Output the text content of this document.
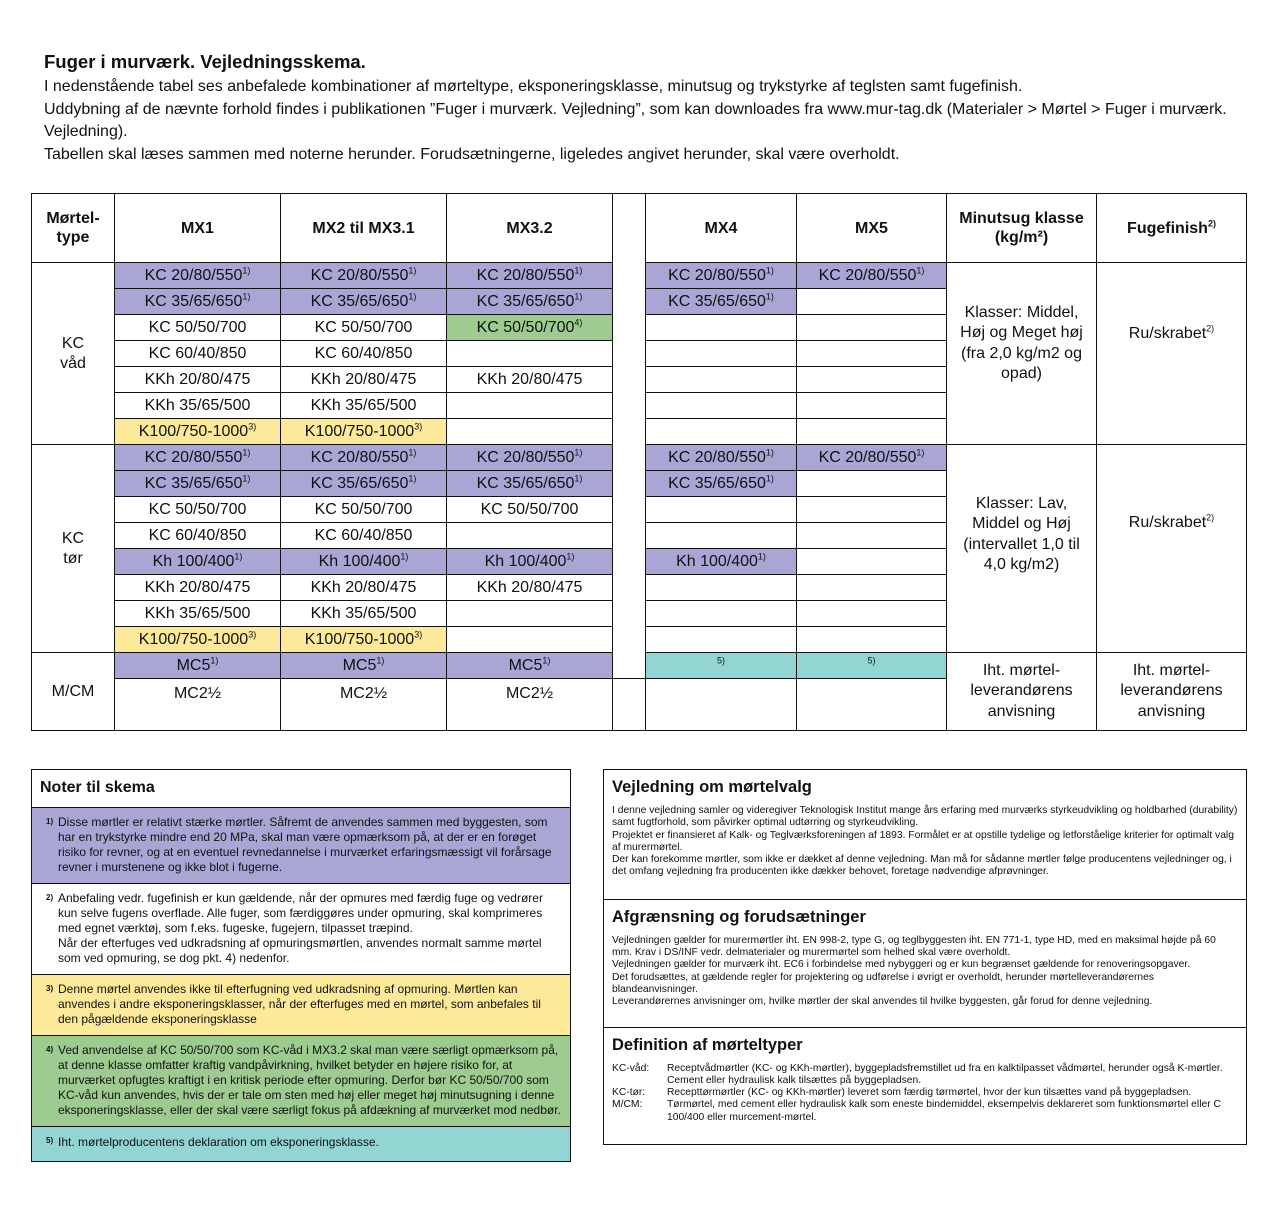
Fuger i murværk. Vejledningsskema.

I nedenstående tabel ses anbefalede kombinationer af mørteltype, eksponeringsklasse, minutsug og trykstyrke af teglsten samt fugefinish.

Uddybning af de nævnte forhold findes i publikationen ”Fuger i murværk. Vejledning”, som kan downloades fra www.mur-tag.dk (Materialer > Mørtel > Fuger i murværk. Vejledning).

Tabellen skal læses sammen med noterne herunder. Forudsætningerne, ligeledes angivet herunder, skal være overholdt.

Mørtel-type	MX1	MX2 til MX3.1	MX3.2		MX4	MX5	Minutsug klasse (kg/m²)	Fugefinish$^{2)}$
KC våd	KC 20/80/550$^{1)}$	KC 20/80/550$^{1)}$	KC 20/80/550$^{1)}$		KC 20/80/550$^{1)}$	KC 20/80/550$^{1)}$	Klasser: Middel, Høj og Meget høj (fra 2,0 kg/m2 og opad)	Ru/skrabet$^{2)}$
	KC 35/65/650$^{1)}$	KC 35/65/650$^{1)}$	KC 35/65/650$^{1)}$		KC 35/65/650$^{1)}$	
	KC 50/50/700	KC 50/50/700	KC 50/50/700$^{4)}$			
	KC 60/40/850	KC 60/40/850						
	KKh 20/80/475	KKh 20/80/475	KKh 20/80/475					
	KKh 35/65/500	KKh 35/65/500						
	K100/750-1000$^{3)}$	K100/750-1000$^{3)}$				
KC tør	KC 20/80/550$^{1)}$	KC 20/80/550$^{1)}$	KC 20/80/550$^{1)}$		KC 20/80/550$^{1)}$	KC 20/80/550$^{1)}$	Klasser: Lav, Middel og Høj (intervallet 1,0 til 4,0 kg/m2)	Ru/skrabet$^{2)}$
	KC 35/65/650$^{1)}$	KC 35/65/650$^{1)}$	KC 35/65/650$^{1)}$		KC 35/65/650$^{1)}$	
	KC 50/50/700	KC 50/50/700	KC 50/50/700					
	KC 60/40/850	KC 60/40/850						
	Kh 100/400$^{1)}$	Kh 100/400$^{1)}$	Kh 100/400$^{1)}$		Kh 100/400$^{1)}$	
	KKh 20/80/475	KKh 20/80/475	KKh 20/80/475					
	KKh 35/65/500	KKh 35/65/500						
	K100/750-1000$^{3)}$	K100/750-1000$^{3)}$				
M/CM	MC5$^{1)}$	MC5$^{1)}$	MC5$^{1)}$		$^{5)}$	$^{5)}$	Iht. mørtel-leverandørens anvisning	Iht. mørtel-leverandørens anvisning
	MC2½	MC2½	MC2½					
Noter til skema
1) Disse mørtler er relativt stærke mørtler. Såfremt de anvendes sammen med byggesten, som har en trykstyrke mindre end 20 MPa, skal man være opmærksom på, at der er en forøget risiko for revner, og at en eventuel revnedannelse i murværket erfaringsmæssigt vil forårsage revner i murstenene og ikke blot i fugerne.
2) Anbefaling vedr. fugefinish er kun gældende, når der opmures med færdig fuge og vedrører kun selve fugens overflade. Alle fuger, som færdiggøres under opmuring, skal komprimeres med egnet værktøj, som f.eks. fugeske, fugejern, tilpasset træpind.
Når der efterfuges ved udkradsning af opmuringsmørtlen, anvendes normalt samme mørtel som ved opmuring, se dog pkt. 4) nedenfor.
3) Denne mørtel anvendes ikke til efterfugning ved udkradsning af opmuring. Mørtlen kan anvendes i andre eksponeringsklasser, når der efterfuges med en mørtel, som anbefales til den pågældende eksponeringsklasse
4) Ved anvendelse af KC 50/50/700 som KC-våd i MX3.2 skal man være særligt opmærksom på, at denne klasse omfatter kraftig vandpåvirkning, hvilket betyder en højere risiko for, at murværket opfugtes kraftigt i en kritisk periode efter opmuring. Derfor bør KC 50/50/700 som KC-våd kun anvendes, hvis der er tale om sten med høj eller meget høj minutsugning i denne eksponeringsklasse, eller der skal være særligt fokus på afdækning af murværket mod nedbør.
5) Iht. mørtelproducentens deklaration om eksponeringsklasse.
Vejledning om mørtelvalg

I denne vejledning samler og videregiver Teknologisk Institut mange års erfaring med murværks styrkeudvikling og holdbarhed (durability) samt fugtforhold, som påvirker optimal udtørring og styrkeudvikling.

Projektet er finansieret af Kalk- og Teglværksforeningen af 1893. Formålet er at opstille tydelige og letforståelige kriterier for optimalt valg af murermørtel.

Der kan forekomme mørtler, som ikke er dækket af denne vejledning. Man må for sådanne mørtler følge producentens vejledninger og, i det omfang vejledning fra producenten ikke dækker behovet, foretage nødvendige afprøvninger.

Afgrænsning og forudsætninger

Vejledningen gælder for murermørtler iht. EN 998-2, type G, og teglbyggesten iht. EN 771-1, type HD, med en maksimal højde på 60 mm. Krav i DS/INF vedr. delmaterialer og murermørtel som helhed skal være overholdt.

Vejledningen gælder for murværk iht. EC6 i forbindelse med nybyggeri og er kun begrænset gældende for renoveringsopgaver.

Det forudsættes, at gældende regler for projektering og udførelse i øvrigt er overholdt, herunder mørtelleverandørernes blandeanvisninger.

Leverandørernes anvisninger om, hvilke mørtler der skal anvendes til hvilke byggesten, går forud for denne vejledning.

Definition af mørteltyper
KC-våd:	Receptvådmørtler (KC- og KKh-mørtler), byggepladsfremstillet ud fra en kalktilpasset vådmørtel, herunder også K-mørtler. Cement eller hydraulisk kalk tilsættes på byggepladsen.
KC-tør:	Recepttørmørtler (KC- og KKh-mørtler) leveret som færdig tørmørtel, hvor der kun tilsættes vand på byggepladsen.
M/CM:	Tørmørtel, med cement eller hydraulisk kalk som eneste bindemiddel, eksempelvis deklareret som funktionsmørtel eller C 100/400 eller murcement-mørtel.
